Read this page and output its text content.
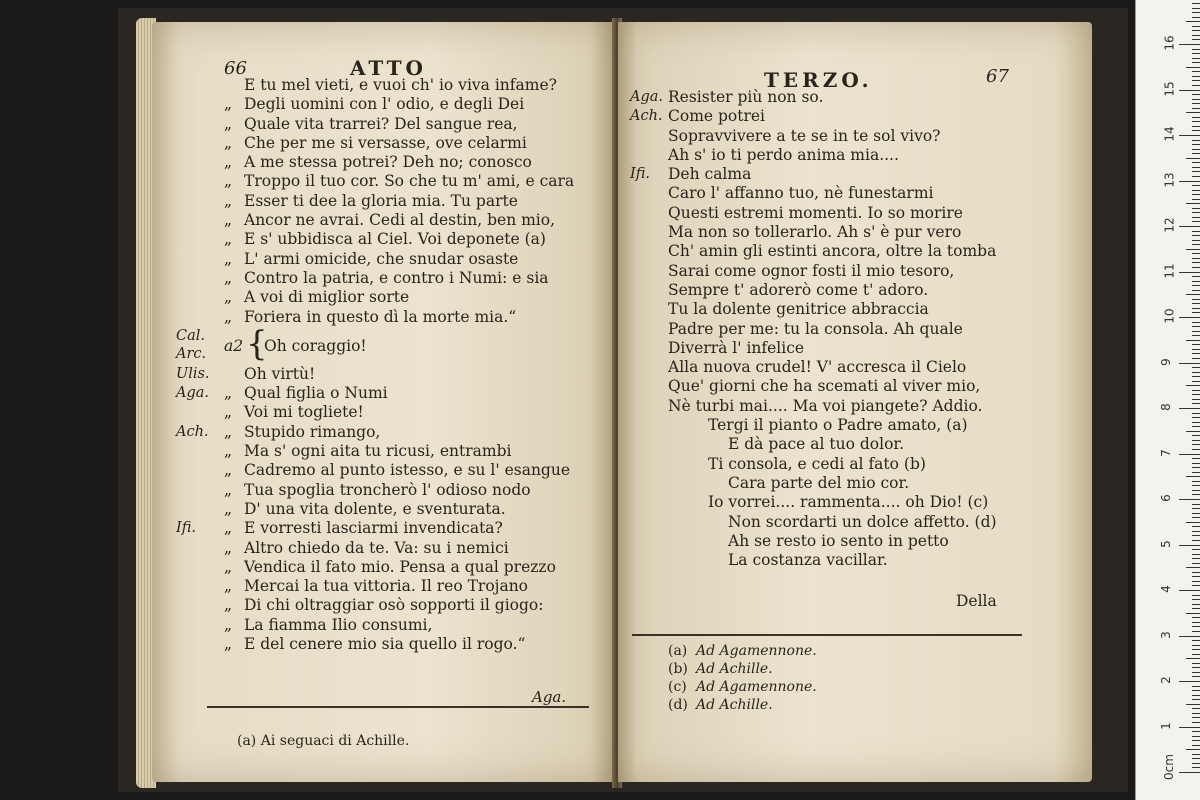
66	ATTO
E tu mel vieti, e vuoi ch' io viva infame?
„ Degli uomini con l' odio, e degli Dei
„ Quale vita trarrei? Del sangue rea,
„ Che per me si versasse, ove celarmi
„ A me stessa potrei? Deh no; conosco
„ Troppo il tuo cor. So che tu m' ami, e cara
„ Esser ti dee la gloria mia. Tu parte
„ Ancor ne avrai. Cedi al destin, ben mio,
„ E s' ubbidisca al Ciel. Voi deponete (a)
„ L' armi omicide, che snudar osaste
„ Contro la patria, e contro i Numi: e sia
„ A voi di miglior sorte
„ Foriera in questo dì la morte mia.“
Cal.
Arc. a2 {
Oh coraggio!
Ulis. Oh virtù!
Aga. „ Qual figlia o Numi
„ Voi mi togliete!
Ach. „ Stupido rimango,
„ Ma s' ogni aita tu ricusi, entrambi
„ Cadremo al punto istesso, e su l' esangue
„ Tua spoglia troncherò l' odioso nodo
„ D' una vita dolente, e sventurata.
Ifi. „ E vorresti lasciarmi invendicata?
„ Altro chiedo da te. Va: su i nemici
„ Vendica il fato mio. Pensa a qual prezzo
„ Mercai la tua vittoria. Il reo Trojano
„ Di chi oltraggiar osò sopporti il giogo:
„ La fiamma Ilio consumi,
„ E del cenere mio sia quello il rogo.“
(a) Ai seguaci di Achille.
Aga.
TERZO.	67
Aga. Resister più non so.
Ach. Come potrei
Sopravvivere a te se in te sol vivo?
Ah s' io ti perdo anima mia....
Ifi. Deh calma
Caro l' affanno tuo, nè funestarmi
Questi estremi momenti. Io so morire
Ma non so tollerarlo. Ah s' è pur vero
Ch' amin gli estinti ancora, oltre la tomba
Sarai come ognor fosti il mio tesoro,
Sempre t' adorerò come t' adoro.
Tu la dolente genitrice abbraccia
Padre per me: tu la consola. Ah quale
Diverrà l' infelice
Alla nuova crudel! V' accresca il Cielo
Que' giorni che ha scemati al viver mio,
Nè turbi mai.... Ma voi piangete? Addio.
Tergi il pianto o Padre amato, (a)
E dà pace al tuo dolor.
Ti consola, e cedi al fato (b)
Cara parte del mio cor.
Io vorrei.... rammenta.... oh Dio! (c)
Non scordarti un dolce affetto. (d)
Ah se resto io sento in petto
La costanza vacillar.
Della
(a) Ad Agamennone.
(b) Ad Achille.
(c) Ad Agamennone.
(d) Ad Achille.
0cm
1
2
3
4
5
6
7
8
9
10
11
12
13
14
15
16
